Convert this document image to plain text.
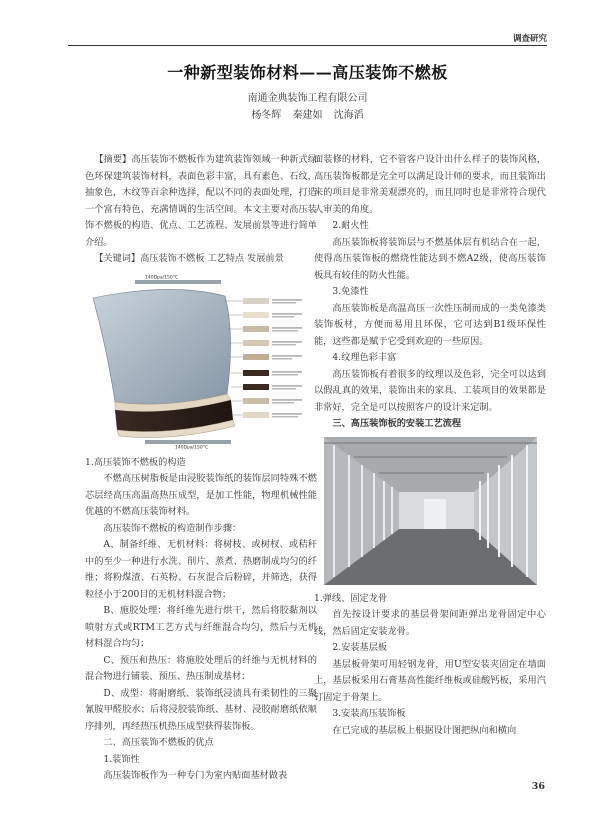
调查研究
一种新型装饰材料——高压装饰不燃板
南通金典装饰工程有限公司
杨冬辉 秦建如 沈海滔

【摘要】高压装饰不燃板作为建筑装饰领域一种新式绿色环保建筑装饰材料，表面色彩丰富，具有素色、石纹，抽象色，木纹等百余种选择，配以不同的表面处理，打造一个富有特色、充满情调的生活空间。本文主要对高压装饰不燃板的构造、优点、工艺流程、发展前景等进行简单介绍。

【关键词】高压装饰不燃板 工艺特点 发展前景

140Dpa/150°C
140Dpa/150°C

1.高压装饰不燃板的构造

不燃高压树脂板是由浸胶装饰纸的装饰层同特殊不燃芯层经高压高温高热压成型，是加工性能，物理机械性能优越的不燃高压装饰材料。

高压装饰不燃板的构造制作步骤：

A、制备纤维、无机材料：将树枝、或树杈、或秸秆中的至少一种进行水洗、削片、蒸煮、热磨制成均匀的纤维；将粉煤渣、石英粉、石灰混合后粉碎，并筛选，获得粒径小于200目的无机材料混合物；

B、施胶处理：将纤维先进行烘干，然后将胶黏剂以喷射方式或RTM工艺方式与纤维混合均匀，然后与无机材料混合均匀；

C、预压和热压：将施胶处理后的纤维与无机材料的混合物进行铺装、预压、热压制成基材；

D、成型：将耐磨纸、装饰纸浸渍具有柔韧性的三聚氰胺甲醛胶水；后将浸胶装饰纸、基材、浸胶耐磨纸依顺序排列，再经热压机热压成型获得装饰板。

二、高压装饰不燃板的优点

1.装饰性

高压装饰板作为一种专门为室内贴面基材做表

面装修的材料，它不管客户设计出什么样子的装饰风格，高压装饰板都是完全可以满足设计师的要求，而且装饰出来的项目是非常美观漂亮的，而且同时也是非常符合现代人审美的角度。

2.耐火性

高压装饰板将装饰层与不燃基体层有机结合在一起，使得高压装饰板的燃烧性能达到不燃A2级，使高压装饰板具有较佳的防火性能。

3.免漆性

高压装饰板是高温高压一次性压制而成的一类免漆类装饰板材，方便而易用且环保，它可达到B1级环保性能，这些都是赋于它受到欢迎的一些原因。

4.纹理色彩丰富

高压装饰板有着很多的纹理以及色彩，完全可以达到以假乱真的效果，装饰出来的家具、工装项目的效果都是非常好，完全是可以按照客户的设计来定制。

三、高压装饰板的安装工艺流程

1.弹线、固定龙骨

首先按设计要求的基层骨架间距弹出龙骨固定中心线，然后固定安装龙骨。

2.安装基层板

基层板骨架可用轻钢龙骨，用U型安装夹固定在墙面上，基层板采用石膏基高性能纤维板或硅酸钙板，采用汽钉固定于骨架上。

3.安装高压装饰板

在已完成的基层板上根据设计图把纵向和横向

36
